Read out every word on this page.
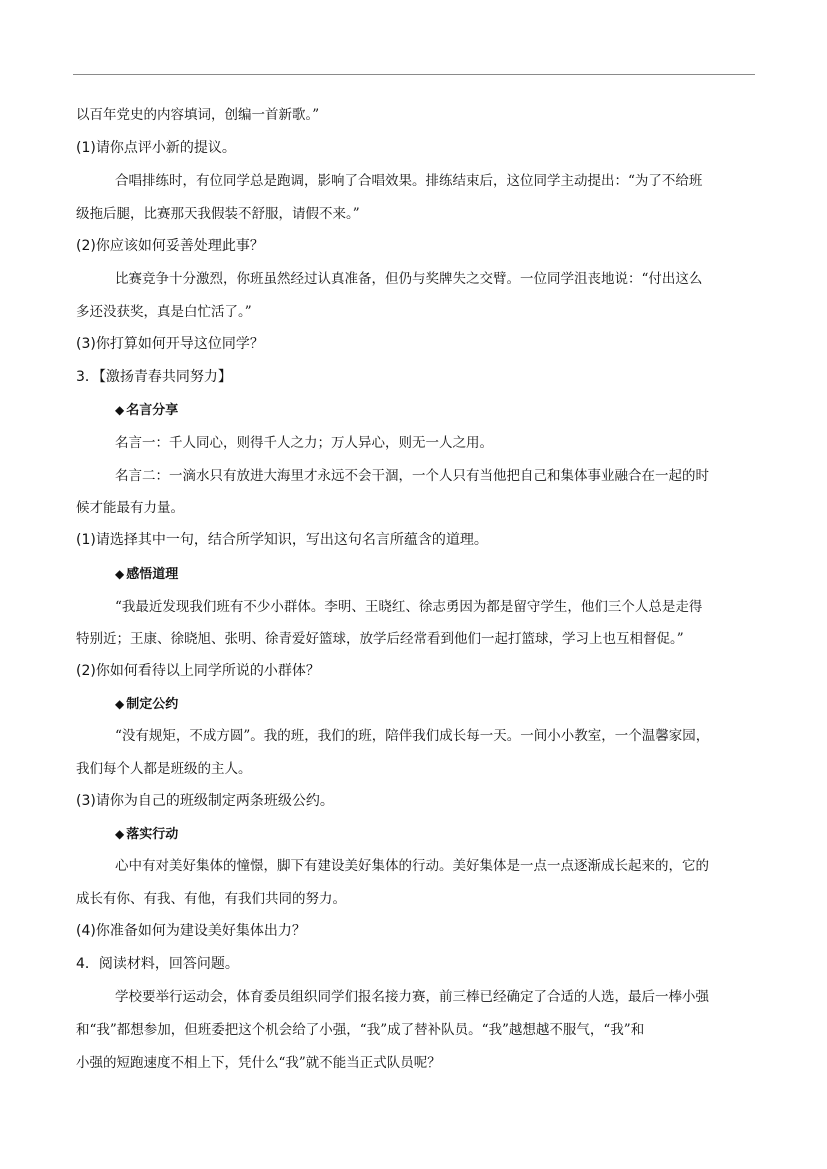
以百年党史的内容填词，创编一首新歌。”
(1)请你点评小新的提议。
合唱排练时，有位同学总是跑调，影响了合唱效果。排练结束后，这位同学主动提出：“为了不给班
级拖后腿，比赛那天我假装不舒服，请假不来。”
(2)你应该如何妥善处理此事？
比赛竞争十分激烈，你班虽然经过认真准备，但仍与奖牌失之交臂。一位同学沮丧地说：“付出这么
多还没获奖，真是白忙活了。”
(3)你打算如何开导这位同学？
3．【激扬青春共同努力】
◆ 名言分享
名言一：千人同心，则得千人之力；万人异心，则无一人之用。
名言二：一滴水只有放进大海里才永远不会干涸，一个人只有当他把自己和集体事业融合在一起的时
候才能最有力量。
(1)请选择其中一句，结合所学知识，写出这句名言所蕴含的道理。
◆ 感悟道理
“我最近发现我们班有不少小群体。李明、王晓红、徐志勇因为都是留守学生，他们三个人总是走得
特别近；王康、徐晓旭、张明、徐青爱好篮球，放学后经常看到他们一起打篮球，学习上也互相督促。”
(2)你如何看待以上同学所说的小群体？
◆ 制定公约
“没有规矩，不成方圆”。我的班，我们的班，陪伴我们成长每一天。一间小小教室，一个温馨家园，
我们每个人都是班级的主人。
(3)请你为自己的班级制定两条班级公约。
◆ 落实行动
心中有对美好集体的憧憬，脚下有建设美好集体的行动。美好集体是一点一点逐渐成长起来的，它的
成长有你、有我、有他，有我们共同的努力。
(4)你准备如何为建设美好集体出力？
4．阅读材料，回答问题。
学校要举行运动会，体育委员组织同学们报名接力赛，前三棒已经确定了合适的人选，最后一棒小强
和“我”都想参加，但班委把这个机会给了小强，“我”成了替补队员。“我”越想越不服气，“我”和
小强的短跑速度不相上下，凭什么“我”就不能当正式队员呢？
